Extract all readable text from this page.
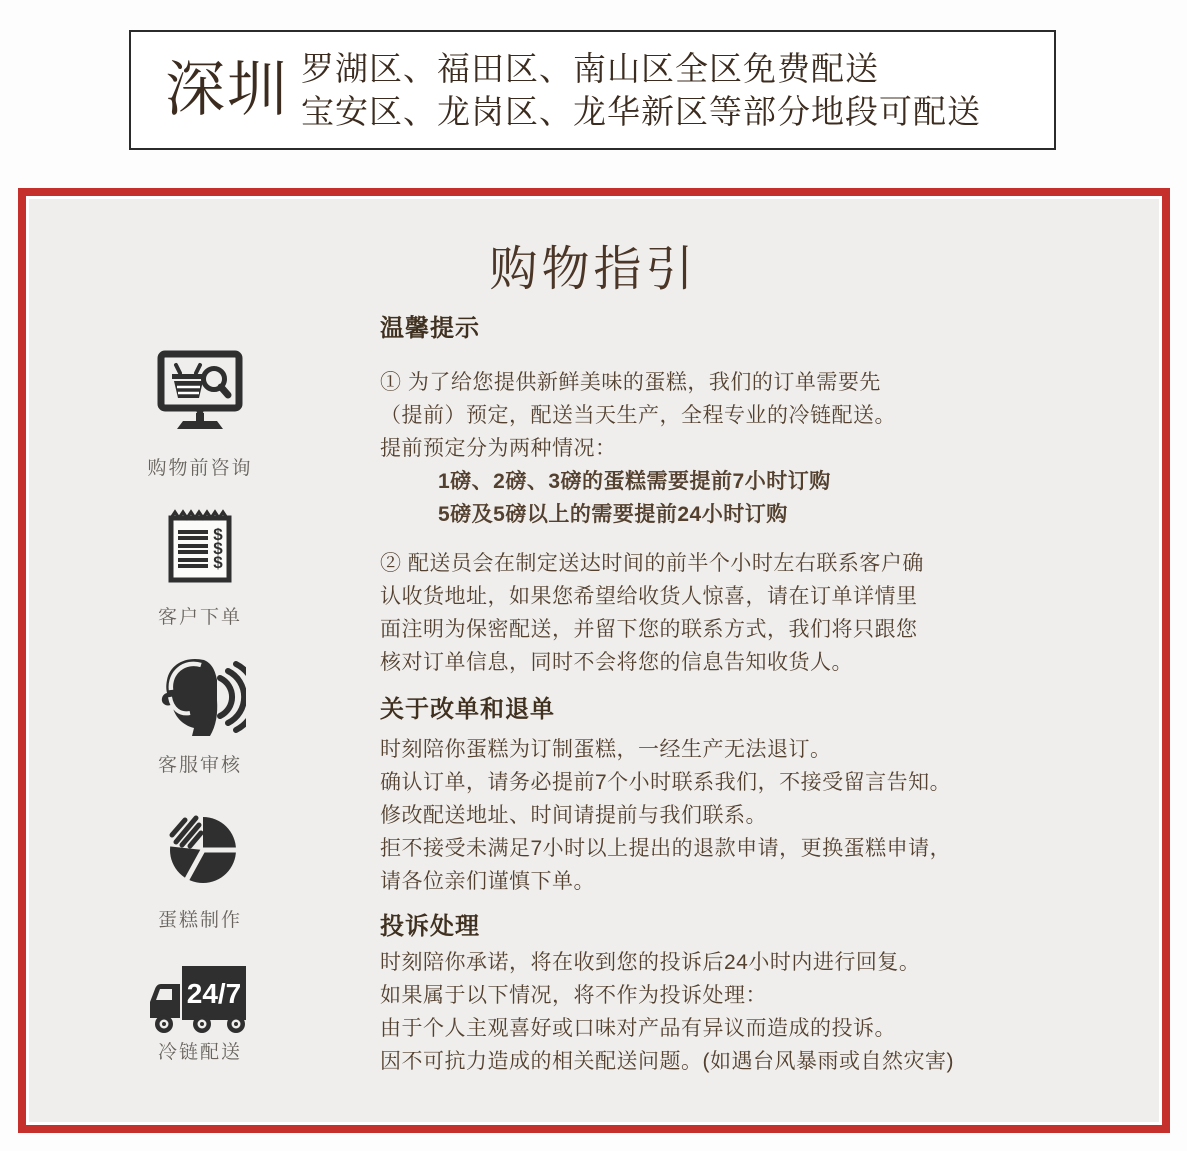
深圳 罗湖区、福田区、南山区全区免费配送
宝安区、龙岗区、龙华新区等部分地段可配送
购物指引
购物前咨询
$
$
$
客户下单
客服审核
蛋糕制作
24/7
冷链配送
温馨提示
① 为了给您提供新鲜美味的蛋糕，我们的订单需要先
（提前）预定，配送当天生产，全程专业的冷链配送。
提前预定分为两种情况：
1磅、2磅、3磅的蛋糕需要提前7小时订购
5磅及5磅以上的需要提前24小时订购
② 配送员会在制定送达时间的前半个小时左右联系客户确
认收货地址，如果您希望给收货人惊喜，请在订单详情里
面注明为保密配送，并留下您的联系方式，我们将只跟您
核对订单信息，同时不会将您的信息告知收货人。
关于改单和退单
时刻陪你蛋糕为订制蛋糕，一经生产无法退订。
确认订单，请务必提前7个小时联系我们，不接受留言告知。
修改配送地址、时间请提前与我们联系。
拒不接受未满足7小时以上提出的退款申请，更换蛋糕申请，
请各位亲们谨慎下单。
投诉处理
时刻陪你承诺，将在收到您的投诉后24小时内进行回复。
如果属于以下情况，将不作为投诉处理：
由于个人主观喜好或口味对产品有异议而造成的投诉。
因不可抗力造成的相关配送问题。(如遇台风暴雨或自然灾害)
